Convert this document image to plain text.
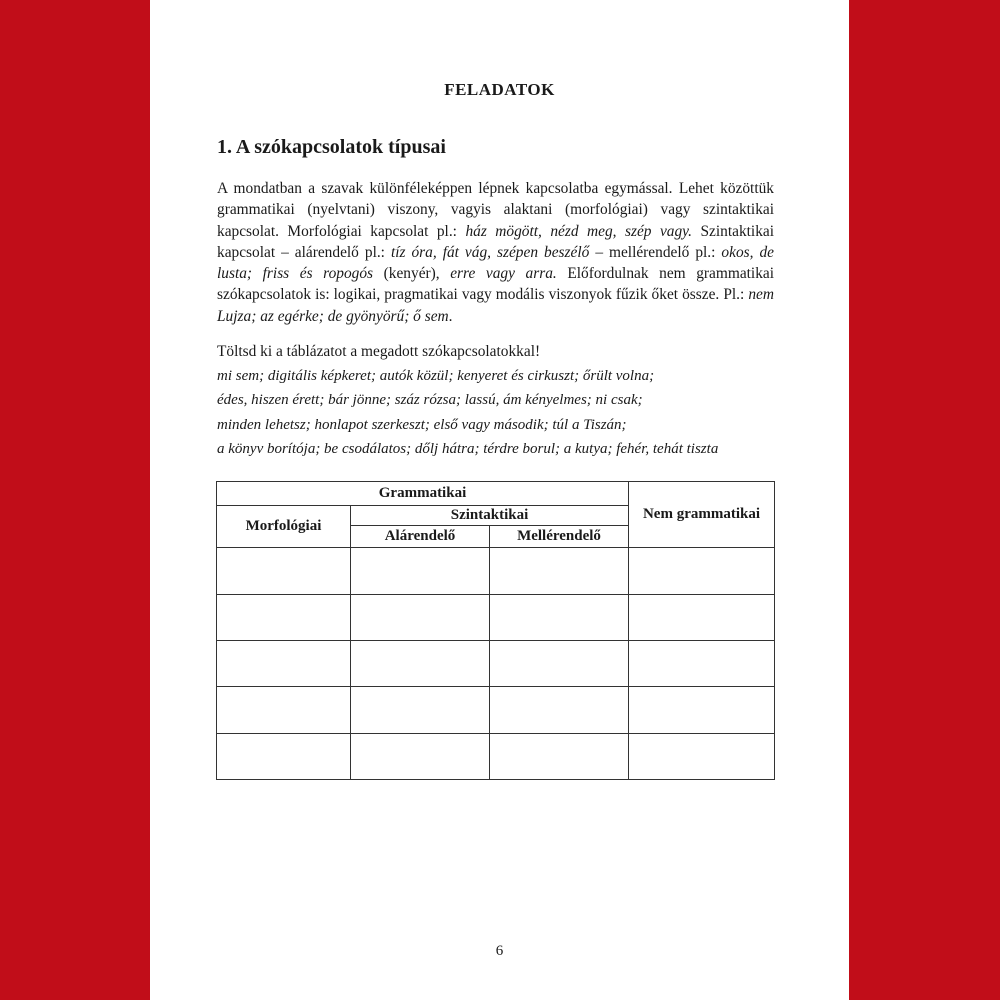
FELADATOK
1. A szókapcsolatok típusai

A mondatban a szavak különféleképpen lépnek kapcsolatba egymással. Lehet közöttük grammatikai (nyelvtani) viszony, vagyis alaktani (morfológiai) vagy szintaktikai kapcsolat. Morfológiai kapcsolat pl.: ház mögött, nézd meg, szép vagy. Szintaktikai kapcsolat – alárendelő pl.: tíz óra, fát vág, szépen beszélő – mellérendelő pl.: okos, de lusta; friss és ropogós (kenyér), erre vagy arra. Előfordulnak nem grammatikai szókapcsolatok is: logikai, pragmatikai vagy modális viszonyok fűzik őket össze. Pl.: nem Lujza; az egérke; de gyönyörű; ő sem.

Töltsd ki a táblázatot a megadott szókapcsolatokkal!
mi sem; digitális képkeret; autók közül; kenyeret és cirkuszt; őrült volna;
édes, hiszen érett; bár jönne; száz rózsa; lassú, ám kényelmes; ni csak;
minden lehetsz; honlapot szerkeszt; első vagy második; túl a Tiszán;
a könyv borítója; be csodálatos; dőlj hátra; térdre borul; a kutya; fehér, tehát tiszta
Grammatikai			Nem grammatikai
Morfológiai	Szintaktikai		
	Alárendelő	Mellérendelő	

6
